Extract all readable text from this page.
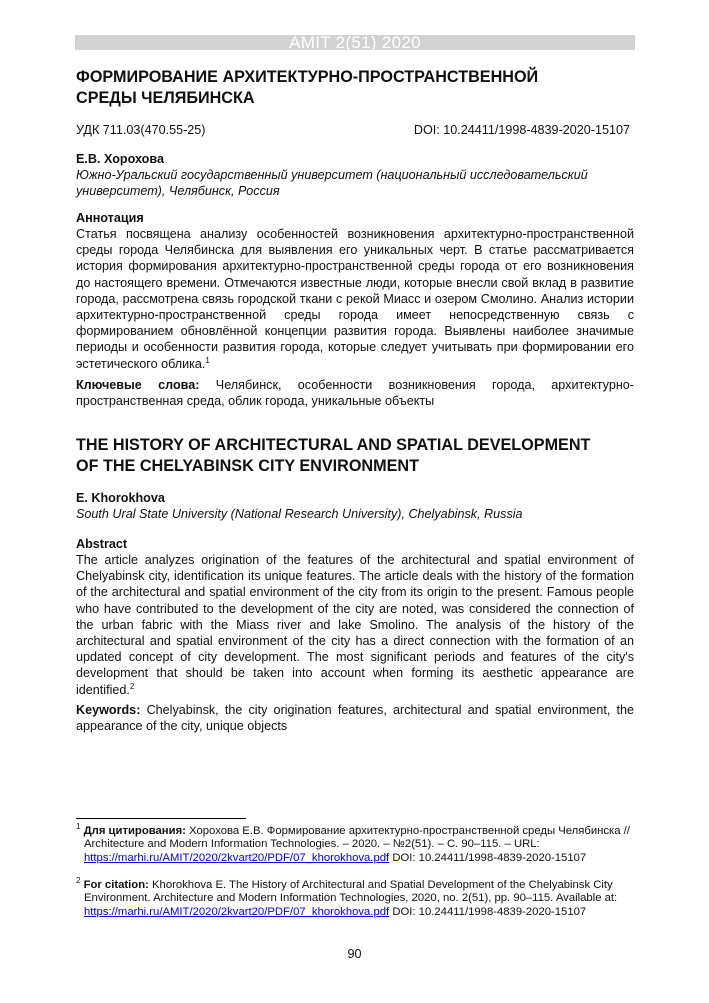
AMIT 2(51) 2020
ФОРМИРОВАНИЕ АРХИТЕКТУРНО-ПРОСТРАНСТВЕННОЙ
СРЕДЫ ЧЕЛЯБИНСКА
УДК 711.03(470.55-25)	DOI: 10.24411/1998-4839-2020-15107
Е.В. Хорохова
Южно-Уральский государственный университет (национальный исследовательский университет), Челябинск, Россия
Аннотация
Статья посвящена анализу особенностей возникновения архитектурно-пространственной среды города Челябинска для выявления его уникальных черт. В статье рассматривается история формирования архитектурно-пространственной среды города от его возникновения до настоящего времени. Отмечаются известные люди, которые внесли свой вклад в развитие города, рассмотрена связь городской ткани с рекой Миасс и озером Смолино. Анализ истории архитектурно-пространственной среды города имеет непосредственную связь с формированием обновлённой концепции развития города. Выявлены наиболее значимые периоды и особенности развития города, которые следует учитывать при формировании его эстетического облика.$^1$
Ключевые слова: Челябинск, особенности возникновения города, архитектурно-пространственная среда, облик города, уникальные объекты
THE HISTORY OF ARCHITECTURAL AND SPATIAL DEVELOPMENT
OF THE CHELYABINSK CITY ENVIRONMENT
E. Khorokhova
South Ural State University (National Research University), Chelyabinsk, Russia
Abstract
The article analyzes origination of the features of the architectural and spatial environment of Chelyabinsk city, identification its unique features. The article deals with the history of the formation of the architectural and spatial environment of the city from its origin to the present. Famous people who have contributed to the development of the city are noted, was considered the connection of the urban fabric with the Miass river and lake Smolino. The analysis of the history of the architectural and spatial environment of the city has a direct connection with the formation of an updated concept of city development. The most significant periods and features of the city's development that should be taken into account when forming its aesthetic appearance are identified.$^2$
Keywords: Chelyabinsk, the city origination features, architectural and spatial environment, the appearance of the city, unique objects
$^1$ Для цитирования: Хорохова Е.В. Формирование архитектурно-пространственной среды Челябинска // Architecture and Modern Information Technologies. – 2020. – №2(51). – С. 90–115. – URL: https://marhi.ru/AMIT/2020/2kvart20/PDF/07_khorokhova.pdf DOI: 10.24411/1998-4839-2020-15107
$^2$ For citation: Khorokhova E. The History of Architectural and Spatial Development of the Chelyabinsk City Environment. Architecture and Modern Information Technologies, 2020, no. 2(51), pp. 90–115. Available at: https://marhi.ru/AMIT/2020/2kvart20/PDF/07_khorokhova.pdf DOI: 10.24411/1998-4839-2020-15107
90
